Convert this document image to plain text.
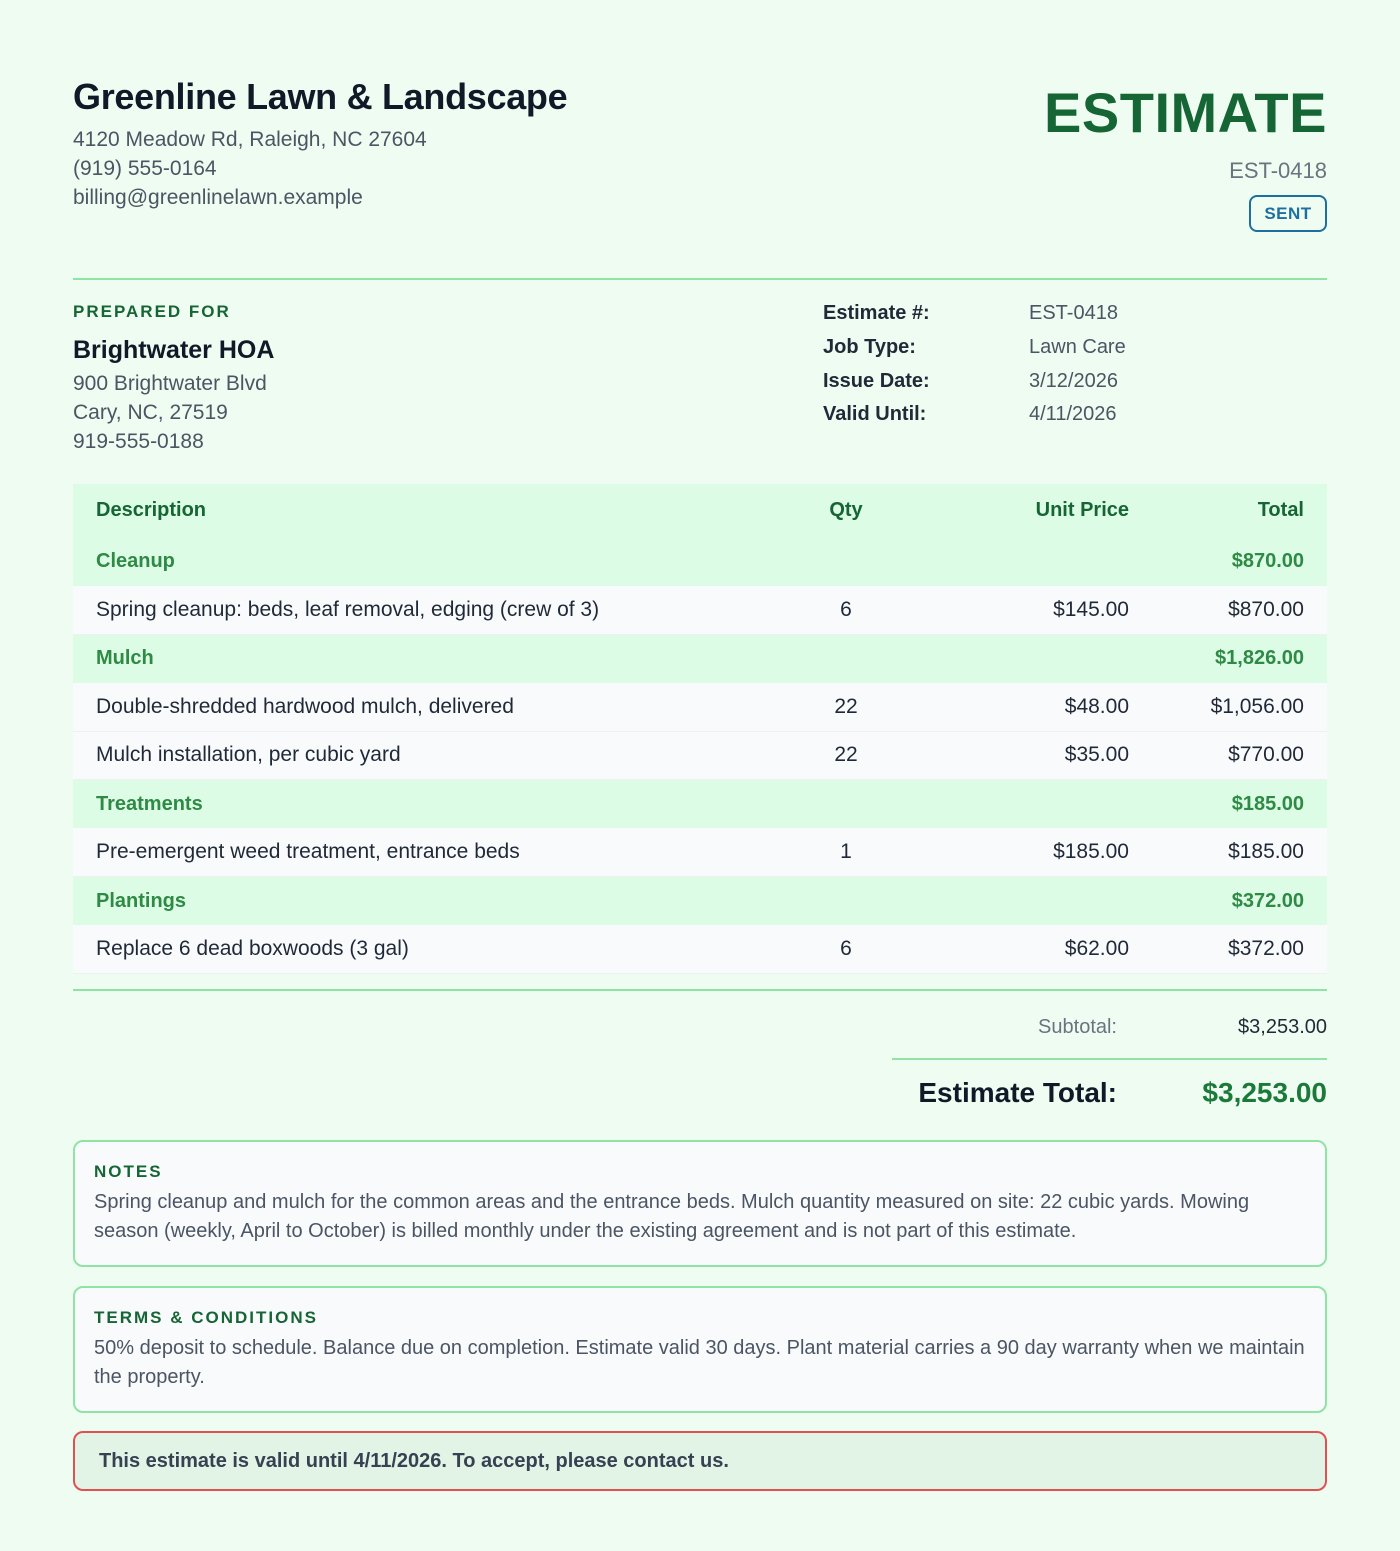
Greenline Lawn & Landscape
4120 Meadow Rd, Raleigh, NC 27604
(919) 555-0164
billing@greenlinelawn.example
ESTIMATE
EST-0418
SENT
PREPARED FOR
Brightwater HOA
900 Brightwater Blvd
Cary, NC, 27519
919-555-0188
Estimate #:	EST-0418
Job Type:	Lawn Care
Issue Date:	3/12/2026
Valid Until:	4/11/2026
Description	Qty	Unit Price	Total
Cleanup			$870.00
Spring cleanup: beds, leaf removal, edging (crew of 3)	6	$145.00	$870.00
Mulch			$1,826.00
Double-shredded hardwood mulch, delivered	22	$48.00	$1,056.00
Mulch installation, per cubic yard	22	$35.00	$770.00
Treatments			$185.00
Pre-emergent weed treatment, entrance beds	1	$185.00	$185.00
Plantings			$372.00
Replace 6 dead boxwoods (3 gal)	6	$62.00	$372.00
Subtotal:	$3,253.00
Estimate Total:	$3,253.00
NOTES
Spring cleanup and mulch for the common areas and the entrance beds. Mulch quantity measured on site: 22 cubic yards. Mowing season (weekly, April to October) is billed monthly under the existing agreement and is not part of this estimate.
TERMS & CONDITIONS
50% deposit to schedule. Balance due on completion. Estimate valid 30 days. Plant material carries a 90 day warranty when we maintain the property.
This estimate is valid until 4/11/2026. To accept, please contact us.
